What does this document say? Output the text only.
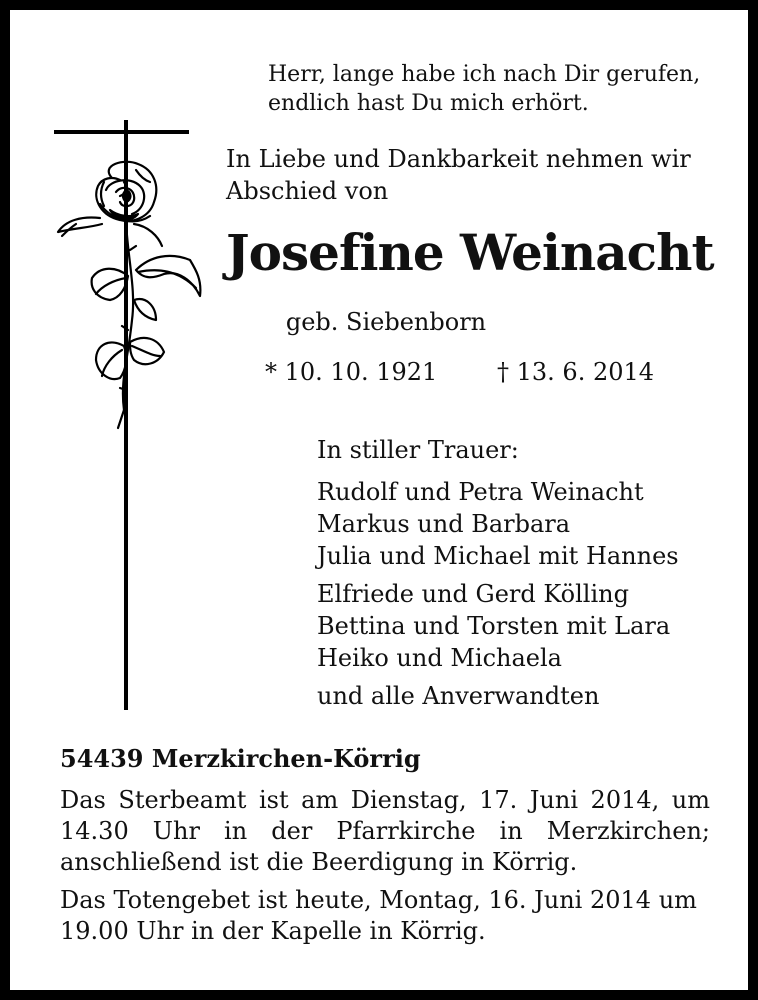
Herr, lange habe ich nach Dir gerufen,
endlich hast Du mich erhört.
In Liebe und Dankbarkeit nehmen wir
Abschied von
Josefine Weinacht
geb. Siebenborn
* 10. 10. 1921 † 13. 6. 2014
In stiller Trauer:
Rudolf und Petra Weinacht
Markus und Barbara
Julia und Michael mit Hannes
Elfriede und Gerd Kölling
Bettina und Torsten mit Lara
Heiko und Michaela
und alle Anverwandten
54439 Merzkirchen-Körrig
Das Sterbeamt ist am Dienstag, 17. Juni 2014, um 14.30 Uhr in der Pfarrkirche in Merzkirchen; anschließend ist die Beerdigung in Körrig.
Das Totengebet ist heute, Montag, 16. Juni 2014 um 19.00 Uhr in der Kapelle in Körrig.
